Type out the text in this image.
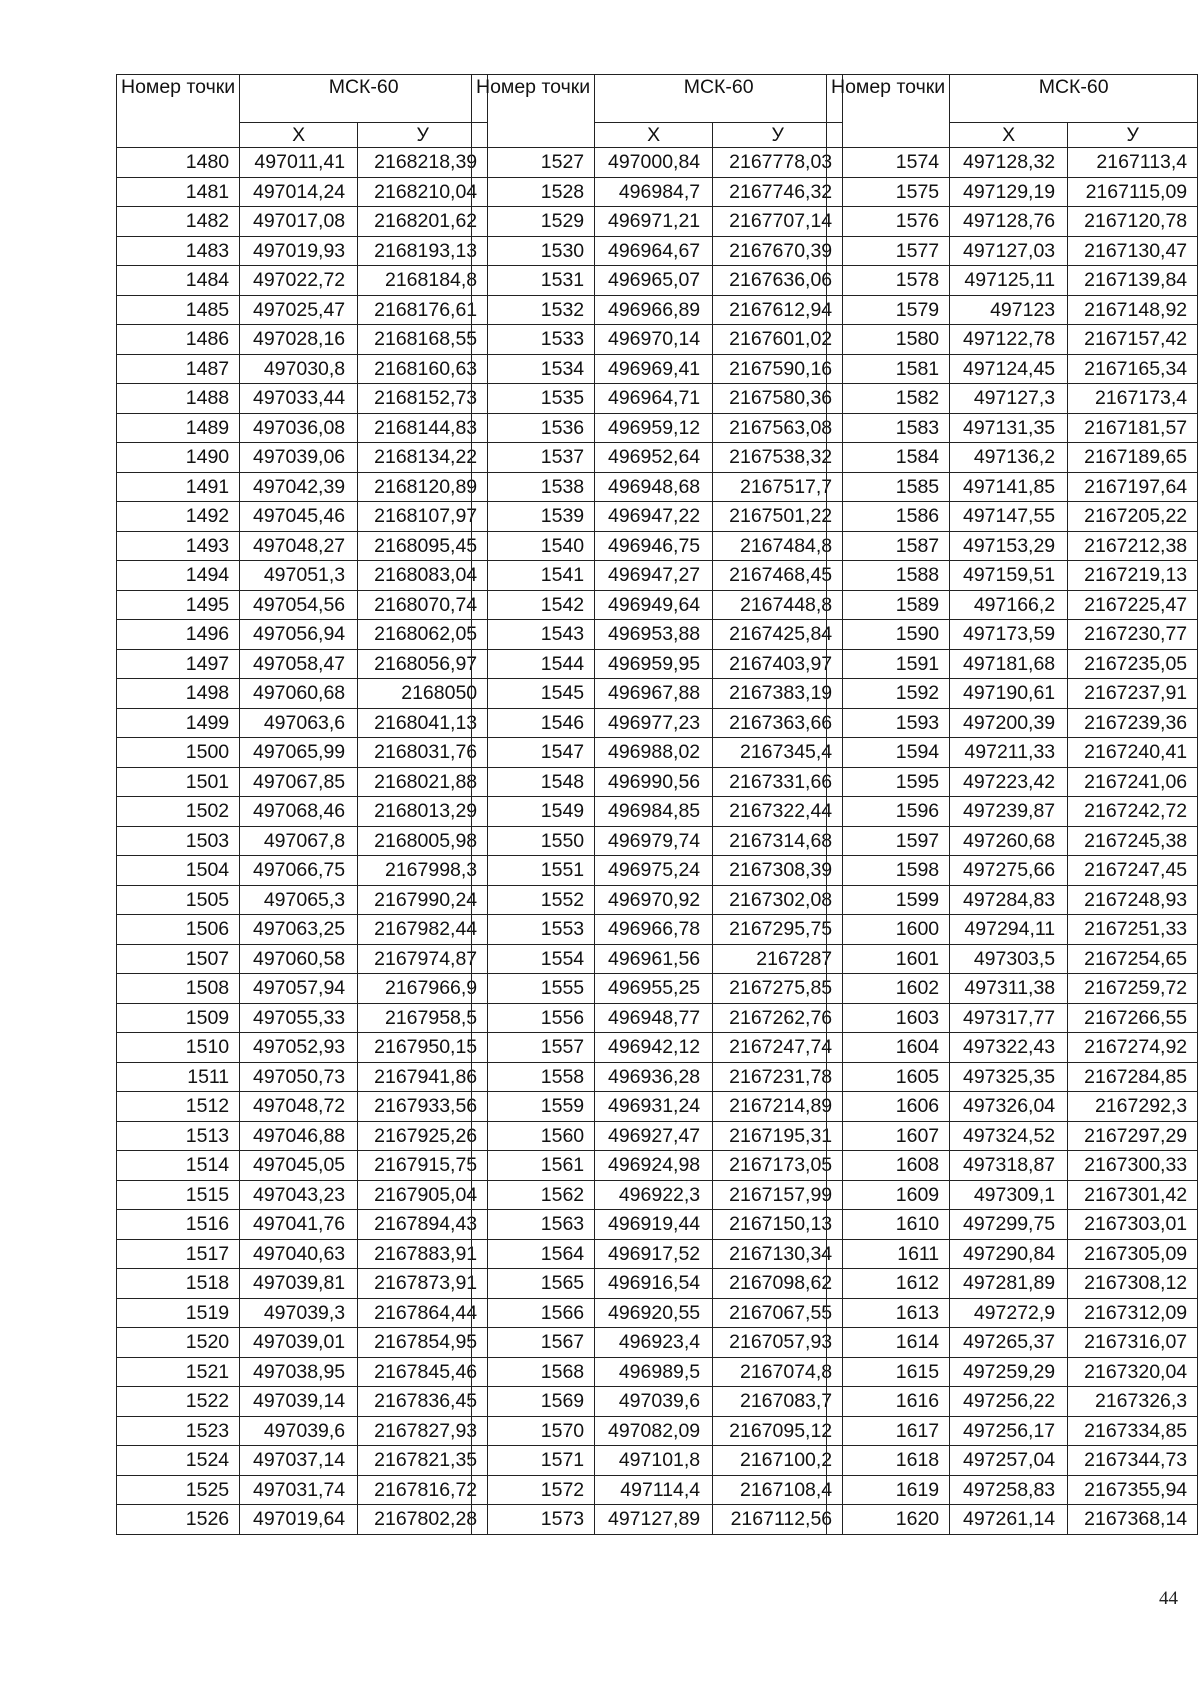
Номер точки	МСК-60	
	Х	У
1480	497011,41	2168218,39
1481	497014,24	2168210,04
1482	497017,08	2168201,62
1483	497019,93	2168193,13
1484	497022,72	2168184,8
1485	497025,47	2168176,61
1486	497028,16	2168168,55
1487	497030,8	2168160,63
1488	497033,44	2168152,73
1489	497036,08	2168144,83
1490	497039,06	2168134,22
1491	497042,39	2168120,89
1492	497045,46	2168107,97
1493	497048,27	2168095,45
1494	497051,3	2168083,04
1495	497054,56	2168070,74
1496	497056,94	2168062,05
1497	497058,47	2168056,97
1498	497060,68	2168050
1499	497063,6	2168041,13
1500	497065,99	2168031,76
1501	497067,85	2168021,88
1502	497068,46	2168013,29
1503	497067,8	2168005,98
1504	497066,75	2167998,3
1505	497065,3	2167990,24
1506	497063,25	2167982,44
1507	497060,58	2167974,87
1508	497057,94	2167966,9
1509	497055,33	2167958,5
1510	497052,93	2167950,15
1511	497050,73	2167941,86
1512	497048,72	2167933,56
1513	497046,88	2167925,26
1514	497045,05	2167915,75
1515	497043,23	2167905,04
1516	497041,76	2167894,43
1517	497040,63	2167883,91
1518	497039,81	2167873,91
1519	497039,3	2167864,44
1520	497039,01	2167854,95
1521	497038,95	2167845,46
1522	497039,14	2167836,45
1523	497039,6	2167827,93
1524	497037,14	2167821,35
1525	497031,74	2167816,72
1526	497019,64	2167802,28
Номер точки	МСК-60	
	Х	У
1527	497000,84	2167778,03
1528	496984,7	2167746,32
1529	496971,21	2167707,14
1530	496964,67	2167670,39
1531	496965,07	2167636,06
1532	496966,89	2167612,94
1533	496970,14	2167601,02
1534	496969,41	2167590,16
1535	496964,71	2167580,36
1536	496959,12	2167563,08
1537	496952,64	2167538,32
1538	496948,68	2167517,7
1539	496947,22	2167501,22
1540	496946,75	2167484,8
1541	496947,27	2167468,45
1542	496949,64	2167448,8
1543	496953,88	2167425,84
1544	496959,95	2167403,97
1545	496967,88	2167383,19
1546	496977,23	2167363,66
1547	496988,02	2167345,4
1548	496990,56	2167331,66
1549	496984,85	2167322,44
1550	496979,74	2167314,68
1551	496975,24	2167308,39
1552	496970,92	2167302,08
1553	496966,78	2167295,75
1554	496961,56	2167287
1555	496955,25	2167275,85
1556	496948,77	2167262,76
1557	496942,12	2167247,74
1558	496936,28	2167231,78
1559	496931,24	2167214,89
1560	496927,47	2167195,31
1561	496924,98	2167173,05
1562	496922,3	2167157,99
1563	496919,44	2167150,13
1564	496917,52	2167130,34
1565	496916,54	2167098,62
1566	496920,55	2167067,55
1567	496923,4	2167057,93
1568	496989,5	2167074,8
1569	497039,6	2167083,7
1570	497082,09	2167095,12
1571	497101,8	2167100,2
1572	497114,4	2167108,4
1573	497127,89	2167112,56
Номер точки	МСК-60	
	Х	У
1574	497128,32	2167113,4
1575	497129,19	2167115,09
1576	497128,76	2167120,78
1577	497127,03	2167130,47
1578	497125,11	2167139,84
1579	497123	2167148,92
1580	497122,78	2167157,42
1581	497124,45	2167165,34
1582	497127,3	2167173,4
1583	497131,35	2167181,57
1584	497136,2	2167189,65
1585	497141,85	2167197,64
1586	497147,55	2167205,22
1587	497153,29	2167212,38
1588	497159,51	2167219,13
1589	497166,2	2167225,47
1590	497173,59	2167230,77
1591	497181,68	2167235,05
1592	497190,61	2167237,91
1593	497200,39	2167239,36
1594	497211,33	2167240,41
1595	497223,42	2167241,06
1596	497239,87	2167242,72
1597	497260,68	2167245,38
1598	497275,66	2167247,45
1599	497284,83	2167248,93
1600	497294,11	2167251,33
1601	497303,5	2167254,65
1602	497311,38	2167259,72
1603	497317,77	2167266,55
1604	497322,43	2167274,92
1605	497325,35	2167284,85
1606	497326,04	2167292,3
1607	497324,52	2167297,29
1608	497318,87	2167300,33
1609	497309,1	2167301,42
1610	497299,75	2167303,01
1611	497290,84	2167305,09
1612	497281,89	2167308,12
1613	497272,9	2167312,09
1614	497265,37	2167316,07
1615	497259,29	2167320,04
1616	497256,22	2167326,3
1617	497256,17	2167334,85
1618	497257,04	2167344,73
1619	497258,83	2167355,94
1620	497261,14	2167368,14
44
